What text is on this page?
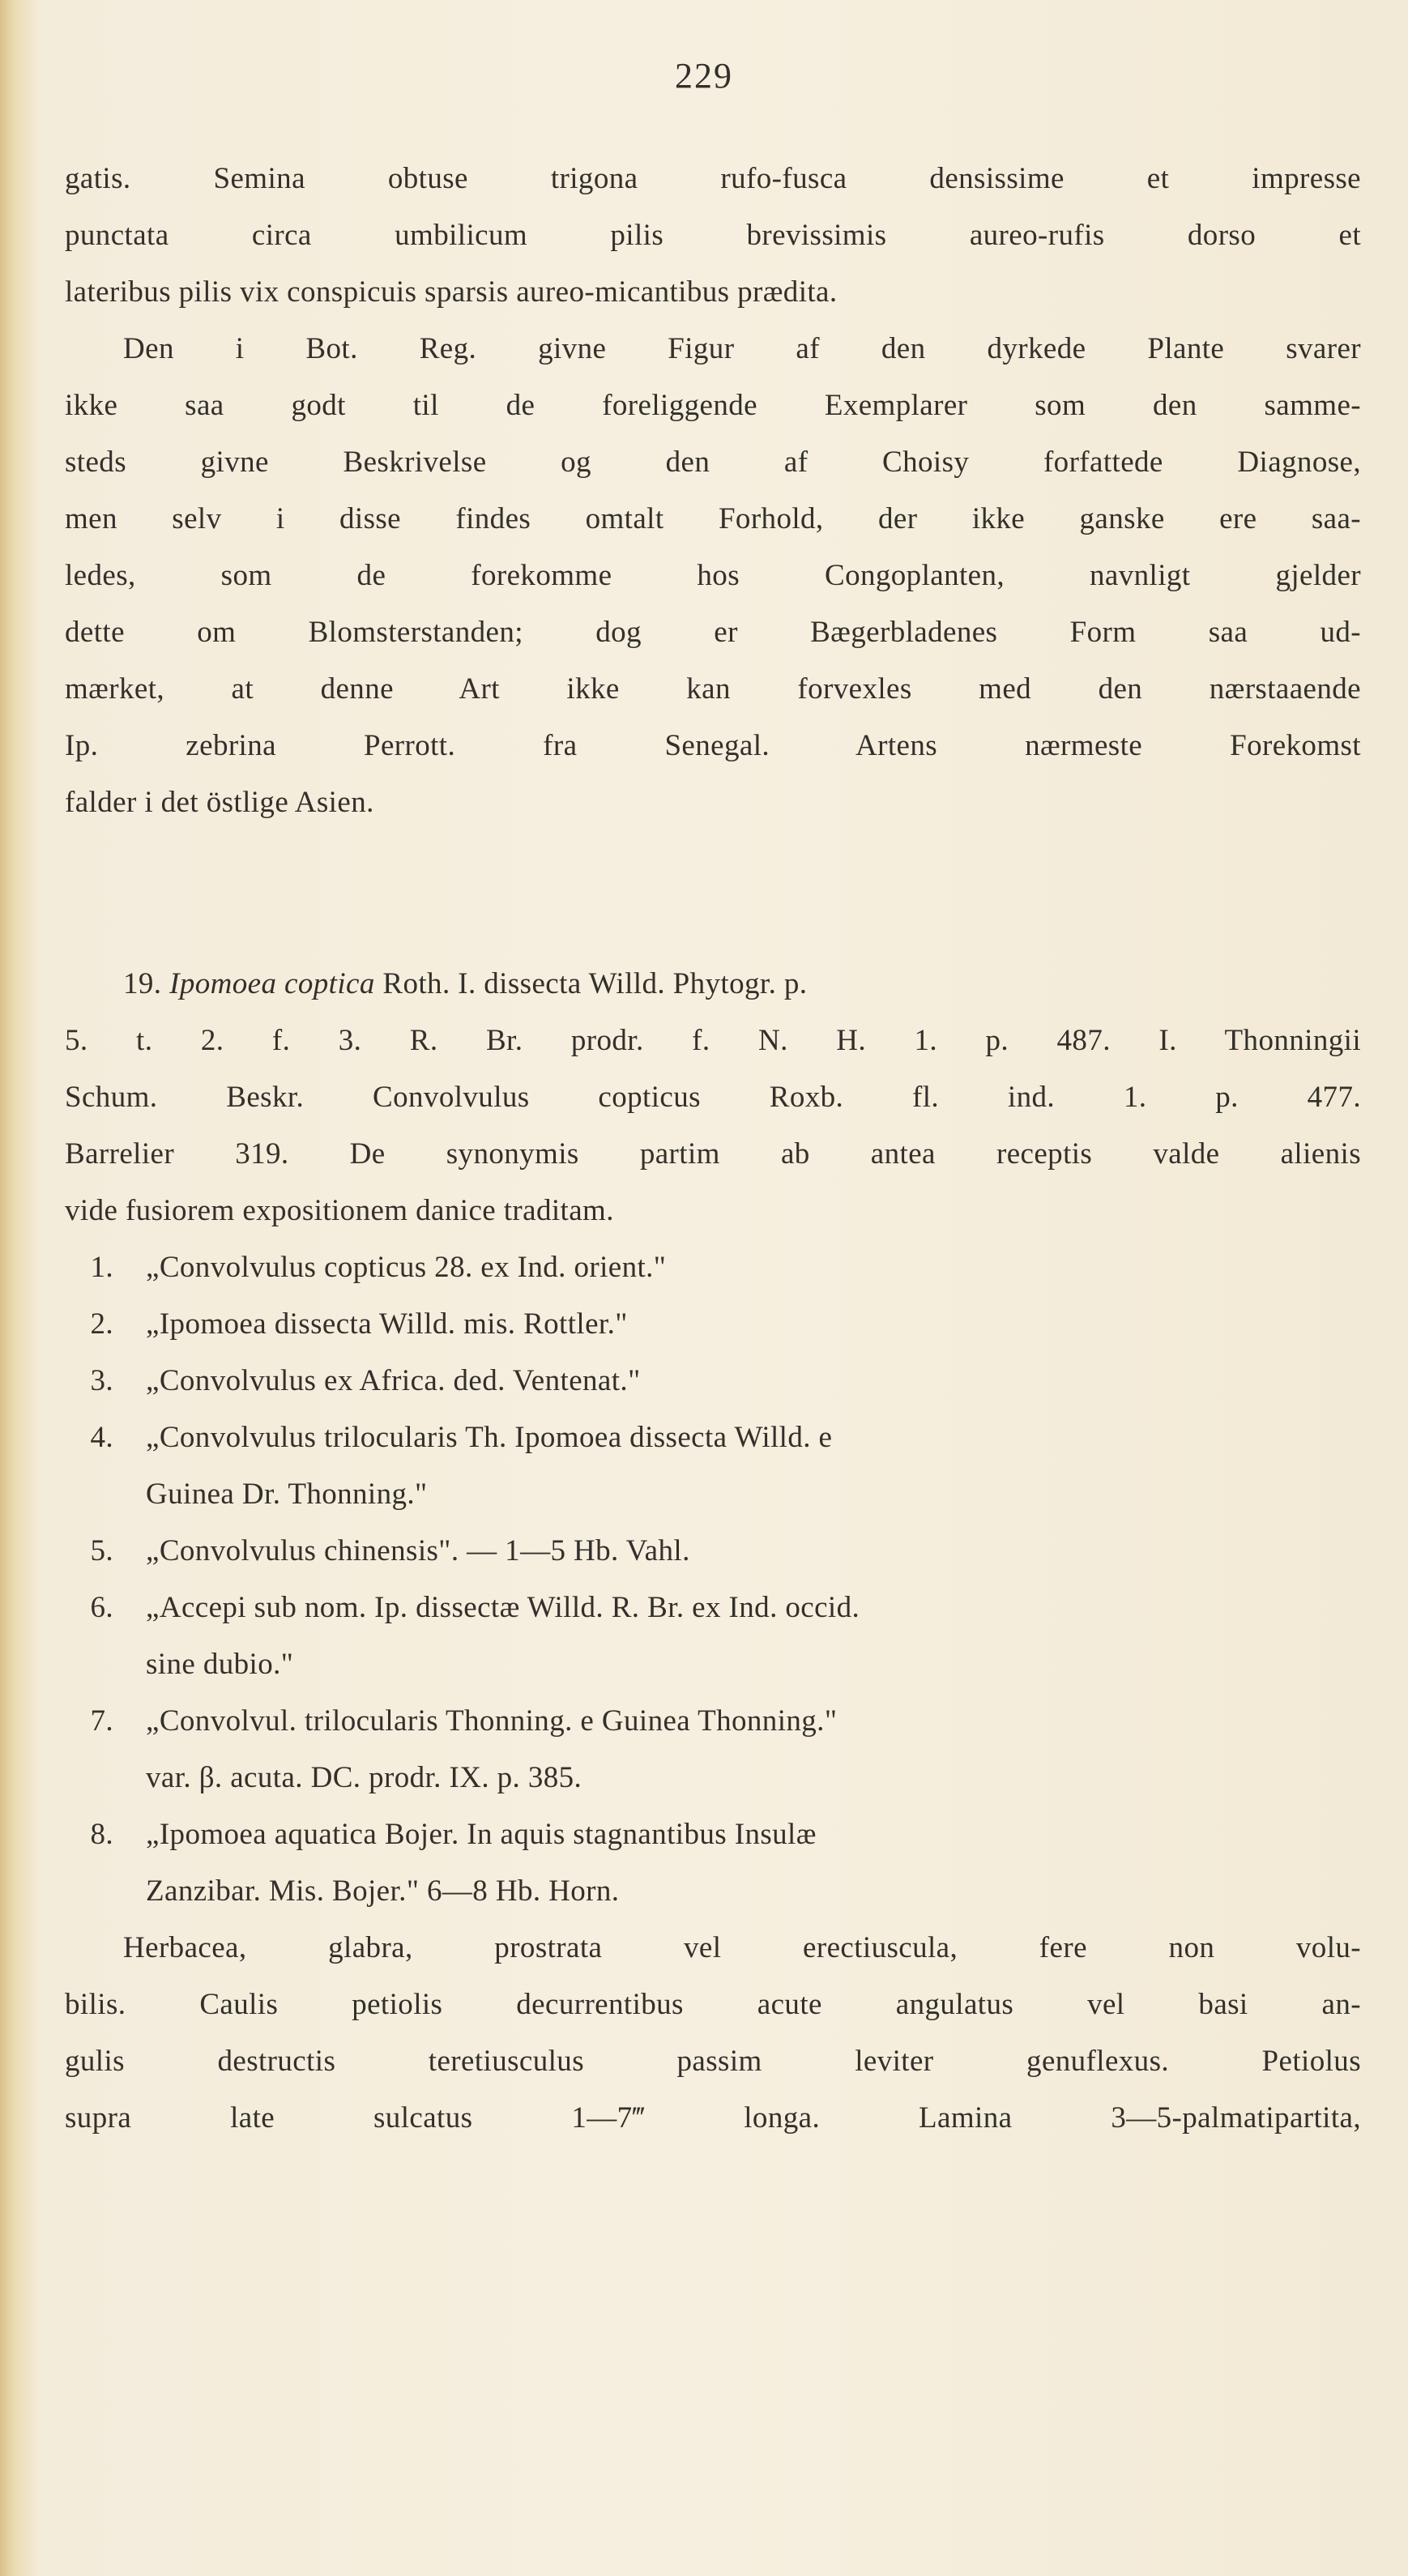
229
gatis. Semina obtuse trigona rufo-fusca densissime et impresse
punctata circa umbilicum pilis brevissimis aureo-rufis dorso et
lateribus pilis vix conspicuis sparsis aureo-micantibus prædita.
Den i Bot. Reg. givne Figur af den dyrkede Plante svarer
ikke saa godt til de foreliggende Exemplarer som den samme-
steds givne Beskrivelse og den af Choisy forfattede Diagnose,
men selv i disse findes omtalt Forhold, der ikke ganske ere saa-
ledes, som de forekomme hos Congoplanten, navnligt gjelder
dette om Blomsterstanden; dog er Bægerbladenes Form saa ud-
mærket, at denne Art ikke kan forvexles med den nærstaaende
Ip. zebrina Perrott. fra Senegal. Artens nærmeste Forekomst
falder i det östlige Asien.
19. Ipomoea coptica Roth. I. dissecta Willd. Phytogr. p.
5. t. 2. f. 3. R. Br. prodr. f. N. H. 1. p. 487. I. Thonningii
Schum. Beskr. Convolvulus copticus Roxb. fl. ind. 1. p. 477.
Barrelier 319. De synonymis partim ab antea receptis valde alienis
vide fusiorem expositionem danice traditam.
1. „Convolvulus copticus 28. ex Ind. orient."
2. „Ipomoea dissecta Willd. mis. Rottler."
3. „Convolvulus ex Africa. ded. Ventenat."
4. „Convolvulus trilocularis Th. Ipomoea dissecta Willd. e
Guinea Dr. Thonning."
5. „Convolvulus chinensis". — 1—5 Hb. Vahl.
6. „Accepi sub nom. Ip. dissectæ Willd. R. Br. ex Ind. occid.
sine dubio."
7. „Convolvul. trilocularis Thonning. e Guinea Thonning."
var. β. acuta. DC. prodr. IX. p. 385.
8. „Ipomoea aquatica Bojer. In aquis stagnantibus Insulæ
Zanzibar. Mis. Bojer." 6—8 Hb. Horn.
Herbacea, glabra, prostrata vel erectiuscula, fere non volu-
bilis. Caulis petiolis decurrentibus acute angulatus vel basi an-
gulis destructis teretiusculus passim leviter genuflexus. Petiolus
supra late sulcatus 1—7‴ longa. Lamina 3—5-palmatipartita,
